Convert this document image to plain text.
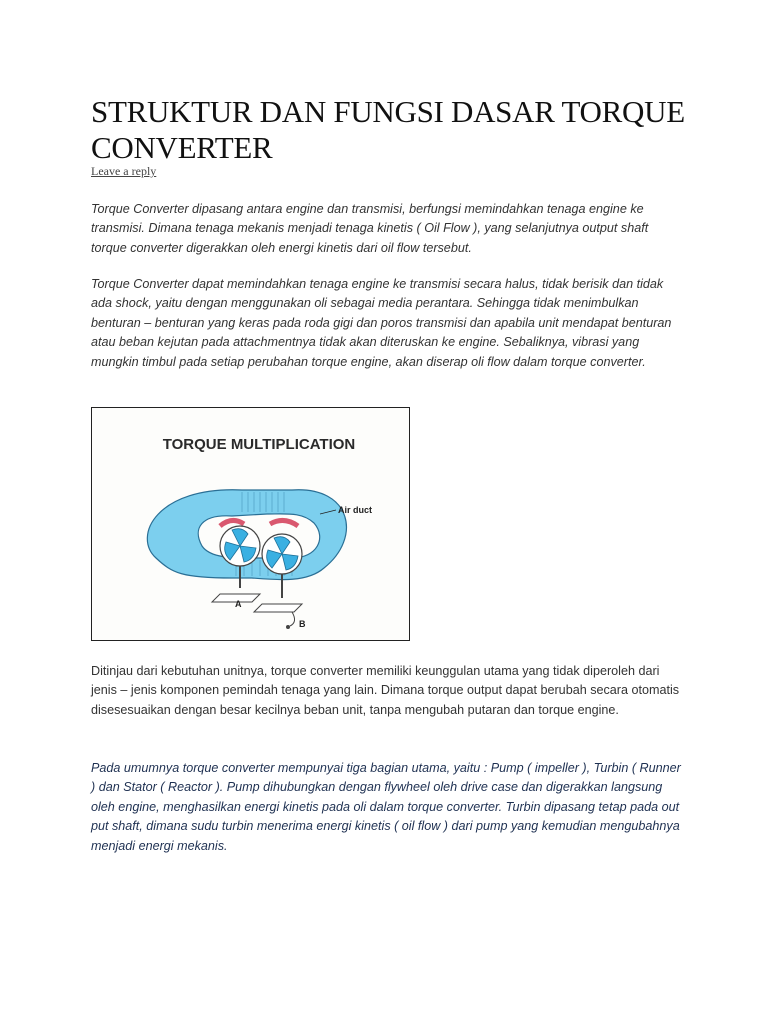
STRUKTUR DAN FUNGSI DASAR TORQUE CONVERTER
Leave a reply

Torque Converter dipasang antara engine dan transmisi, berfungsi memindahkan tenaga engine ke transmisi. Dimana tenaga mekanis menjadi tenaga kinetis ( Oil Flow ), yang selanjutnya output shaft torque converter digerakkan oleh energi kinetis dari oil flow tersebut.

Torque Converter dapat memindahkan tenaga engine ke transmisi secara halus, tidak berisik dan tidak ada shock, yaitu dengan menggunakan oli sebagai media perantara. Sehingga tidak menimbulkan benturan – benturan yang keras pada roda gigi dan poros transmisi dan apabila unit mendapat benturan atau beban kejutan pada attachmentnya tidak akan diteruskan ke engine. Sebaliknya, vibrasi yang mungkin timbul pada setiap perubahan torque engine, akan diserap oli flow dalam torque converter.

TORQUE MULTIPLICATION
Air duct
A
B

Ditinjau dari kebutuhan unitnya, torque converter memiliki keunggulan utama yang tidak diperoleh dari jenis – jenis komponen pemindah tenaga yang lain. Dimana torque output dapat berubah secara otomatis disesesuaikan dengan besar kecilnya beban unit, tanpa mengubah putaran dan torque engine.

Pada umumnya torque converter mempunyai tiga bagian utama, yaitu : Pump ( impeller ), Turbin ( Runner ) dan Stator ( Reactor ). Pump dihubungkan dengan flywheel oleh drive case dan digerakkan langsung oleh engine, menghasilkan energi kinetis pada oli dalam torque converter. Turbin dipasang tetap pada out put shaft, dimana sudu turbin menerima energi kinetis ( oil flow ) dari pump yang kemudian mengubahnya menjadi energi mekanis.
